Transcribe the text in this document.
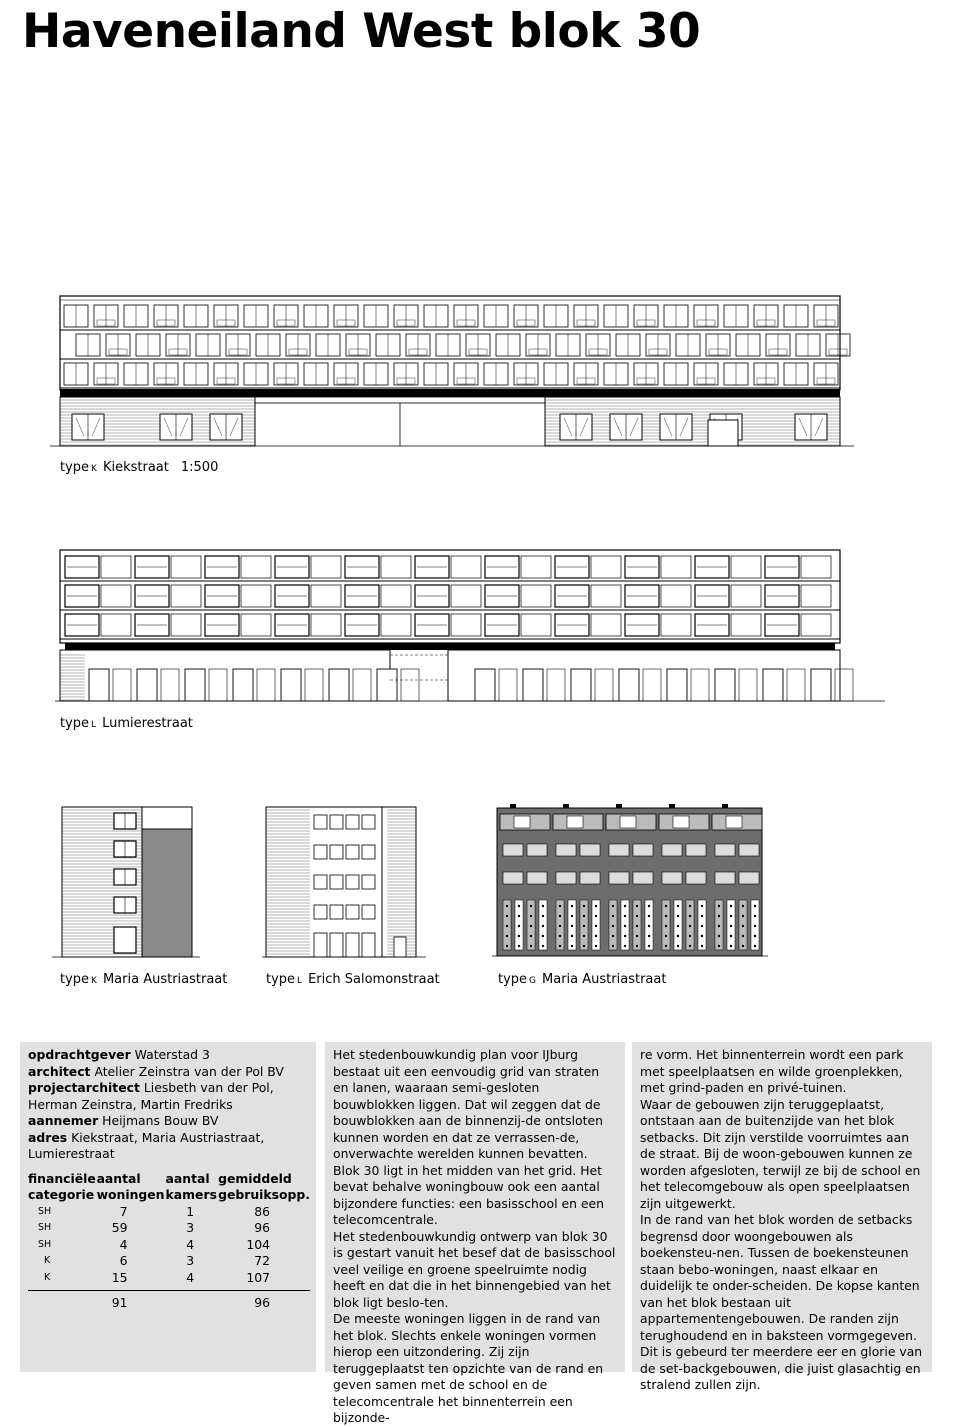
Haveneiland West blok 30
type K Kiekstraat 1:500
type L Lumierestraat
type K Maria Austriastraat	type L Erich Salomonstraat	type G Maria Austriastraat

opdrachtgever Waterstad 3

architect Atelier Zeinstra van der Pol BV

projectarchitect Liesbeth van der Pol, Herman Zeinstra, Martin Fredriks

aannemer Heijmans Bouw BV

adres Kiekstraat, Maria Austriastraat, Lumierestraat

financiële categorie	aantal woningen	aantal kamers	gemiddeld gebruiksopp.
SH	7	1	86
SH	59	3	96
SH	4	4	104
K	6	3	72
K	15	4	107
	91		96

Het stedenbouwkundig plan voor IJburg bestaat uit een eenvoudig grid van straten en lanen, waaraan semi-gesloten bouwblokken liggen. Dat wil zeggen dat de bouwblokken aan de binnenzij-de ontsloten kunnen worden en dat ze verrassen-de, onverwachte werelden kunnen bevatten. Blok 30 ligt in het midden van het grid. Het bevat behalve woningbouw ook een aantal bijzondere functies: een basisschool en een telecomcentrale.

Het stedenbouwkundig ontwerp van blok 30 is gestart vanuit het besef dat de basisschool veel veilige en groene speelruimte nodig heeft en dat die in het binnengebied van het blok ligt beslo-ten.

De meeste woningen liggen in de rand van het blok. Slechts enkele woningen vormen hierop een uitzondering. Zij zijn teruggeplaatst ten opzichte van de rand en geven samen met de school en de telecomcentrale het binnenterrein een bijzonde-

re vorm. Het binnenterrein wordt een park met speelplaatsen en wilde groenplekken, met grind-paden en privé-tuinen.

Waar de gebouwen zijn teruggeplaatst, ontstaan aan de buitenzijde van het blok setbacks. Dit zijn verstilde voorruimtes aan de straat. Bij de woon-gebouwen kunnen ze worden afgesloten, terwijl ze bij de school en het telecomgebouw als open speelplaatsen zijn uitgewerkt.

In de rand van het blok worden de setbacks begrensd door woongebouwen als boekensteu-nen. Tussen de boekensteunen staan bebo-woningen, naast elkaar en duidelijk te onder-scheiden. De kopse kanten van het blok bestaan uit appartementengebouwen. De randen zijn terughoudend en in baksteen vormgegeven. Dit is gebeurd ter meerdere eer en glorie van de set-backgebouwen, die juist glasachtig en stralend zullen zijn.
